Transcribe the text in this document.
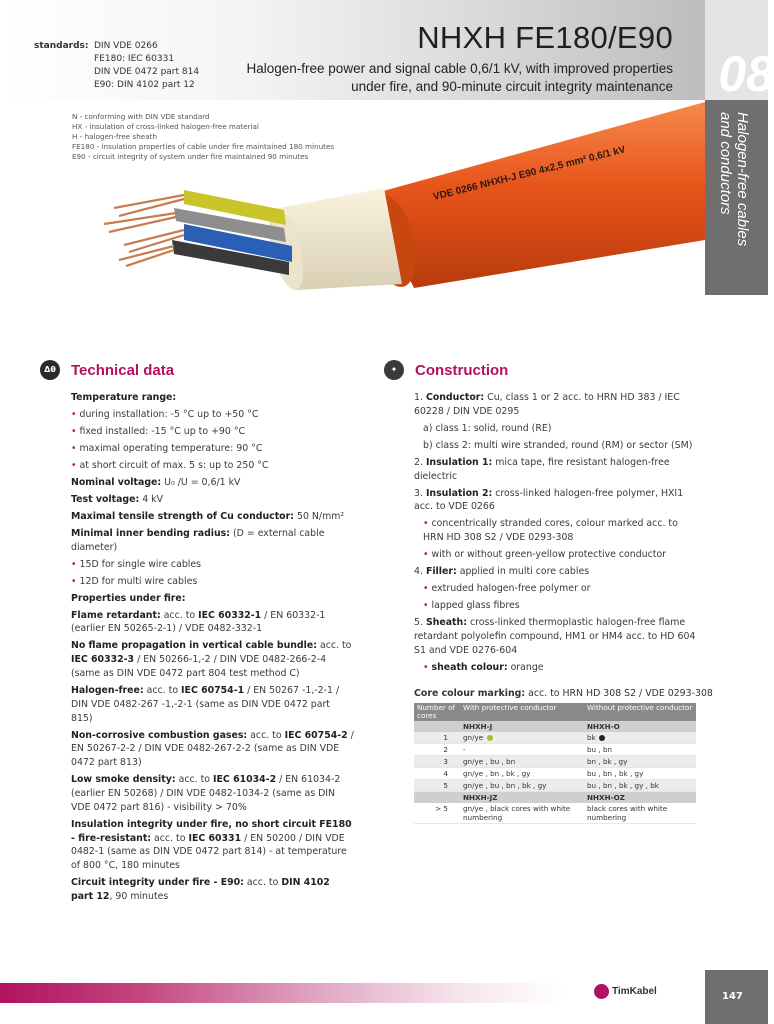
standards: DIN VDE 0266
FE180: IEC 60331
DIN VDE 0472 part 814
E90: DIN 4102 part 12
NHXH FE180/E90
Halogen-free power and signal cable 0,6/1 kV, with improved properties under fire, and 90-minute circuit integrity maintenance 08
Halogen-free cables
and conductors
N - conforming with DIN VDE standard
HX - insulation of cross-linked halogen-free material
H - halogen-free sheath
FE180 - insulation properties of cable under fire maintained 180 minutes
E90 - circuit integrity of system under fire maintained 90 minutes	VDE 0266 NHXH-J E90 4x2,5 mm² 0,6/1 kV
Δθ Technical data

Temperature range:

• during installation: -5 °C up to +50 °C

• fixed installed: -15 °C up to +90 °C

• maximal operating temperature: 90 °C

• at short circuit of max. 5 s: up to 250 °C

Nominal voltage: U₀ /U = 0,6/1 kV

Test voltage: 4 kV

Maximal tensile strength of Cu conductor: 50 N/mm²

Minimal inner bending radius: (D = external cable diameter)

• 15D for single wire cables

• 12D for multi wire cables

Properties under fire:

Flame retardant: acc. to IEC 60332-1 / EN 60332-1 (earlier EN 50265-2-1) / VDE 0482-332-1

No flame propagation in vertical cable bundle: acc. to IEC 60332-3 / EN 50266-1,-2 / DIN VDE 0482-266-2-4 (same as DIN VDE 0472 part 804 test method C)

Halogen-free: acc. to IEC 60754-1 / EN 50267 -1,-2-1 / DIN VDE 0482-267 -1,-2-1 (same as DIN VDE 0472 part 815)

Non-corrosive combustion gases: acc. to IEC 60754-2 / EN 50267-2-2 / DIN VDE 0482-267-2-2 (same as DIN VDE 0472 part 813)

Low smoke density: acc. to IEC 61034-2 / EN 61034-2 (earlier EN 50268) / DIN VDE 0482-1034-2 (same as DIN VDE 0472 part 816) - visibility > 70%

Insulation integrity under fire, no short circuit FE180 - fire-resistant: acc. to IEC 60331 / EN 50200 / DIN VDE 0482-1 (same as DIN VDE 0472 part 814) - at temperature of 800 °C, 180 minutes

Circuit integrity under fire - E90: acc. to DIN 4102 part 12, 90 minutes

✦	Construction

1. Conductor: Cu, class 1 or 2 acc. to HRN HD 383 / IEC 60228 / DIN VDE 0295

a) class 1: solid, round (RE)

b) class 2: multi wire stranded, round (RM) or sector (SM)

2. Insulation 1: mica tape, fire resistant halogen-free dielectric

3. Insulation 2: cross-linked halogen-free polymer, HXI1 acc. to VDE 0266

• concentrically stranded cores, colour marked acc. to HRN HD 308 S2 / VDE 0293-308

• with or without green-yellow protective conductor

4. Filler: applied in multi core cables

• extruded halogen-free polymer or

• lapped glass fibres

5. Sheath: cross-linked thermoplastic halogen-free flame retardant polyolefin compound, HM1 or HM4 acc. to HD 604 S1 and VDE 0276-604

• sheath colour: orange

Core colour marking: acc. to HRN HD 308 S2 / VDE 0293-308
Number of cores	With protective conductor	Without protective conductor
	NHXH-J	NHXH-O
1	gn/ye	bk
2	-	bu , bn
3	gn/ye , bu , bn	bn , bk , gy
4	gn/ye , bn , bk , gy	bu , bn , bk , gy
5	gn/ye , bu , bn , bk , gy	bu , bn , bk , gy , bk
	NHXH-JZ	NHXH-OZ
> 5	gn/ye , black cores with white numbering	black cores with white numbering
TimKabel	147
